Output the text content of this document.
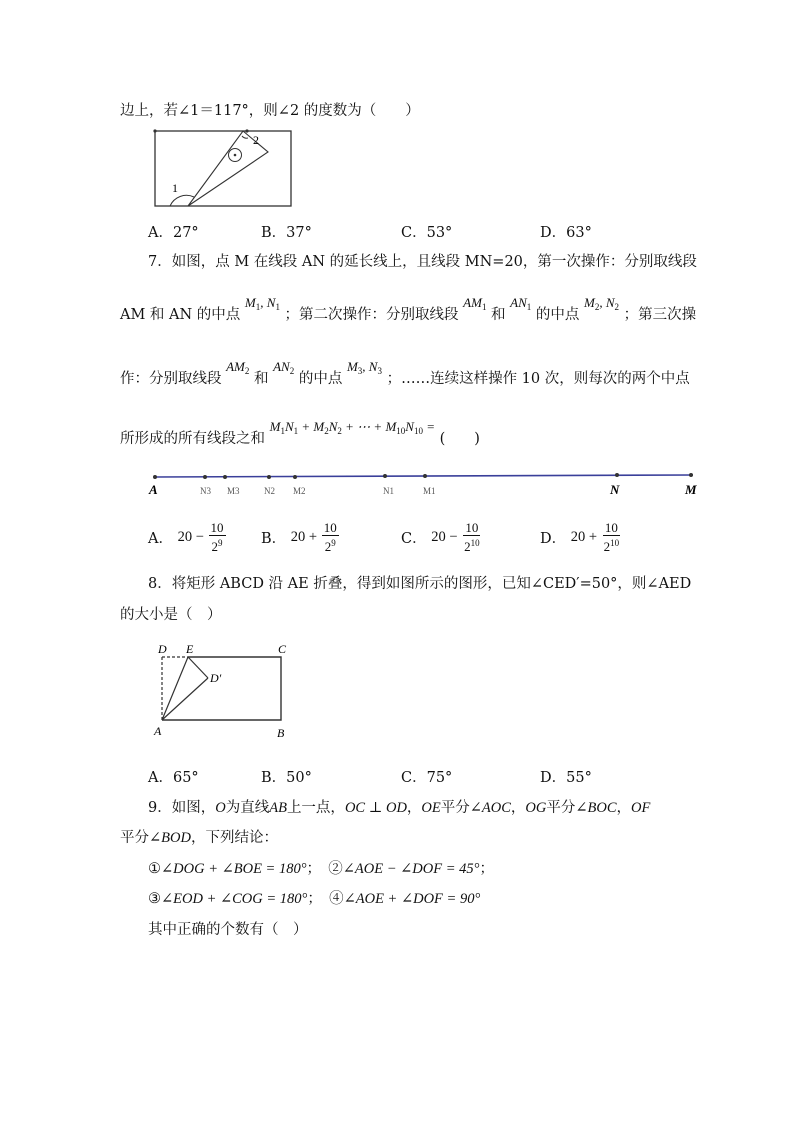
边上，若∠1＝117°，则∠2 的度数为（　　）
1
2
A．27°	B．37°	C．53°	D．63°
7．如图，点 M 在线段 AN 的延长线上，且线段 MN=20，第一次操作：分别取线段
AM 和 AN 的中点 $M_1$, $N_1$ ；第二次操作：分别取线段 $AM_1$ 和 $AN_1$ 的中点 $M_2$, $N_2$ ；第三次操
作：分别取线段 $AM_2$ 和 $AN_2$ 的中点 $M_3$, $N_3$ ；……连续这样操作 10 次，则每次的两个中点
所形成的所有线段之和 $M_1N_1 + M_2N_2$ + ⋯ + $M_{10}N_{10}$ = (　　)
A	N3 M3	N2 M2	N1	M1	N	M
A． $20 - \frac{10}{2^9}$ B． $20 + \frac{10}{2^9}$	C． $20 - \frac{10}{2^{10}}$	D． $20 + \frac{10}{2^{10}}$
8．将矩形 ABCD 沿 AE 折叠，得到如图所示的图形，已知∠CED′=50°，则∠AED
的大小是（　）
D E	C
D′
A	B
A．65°	B．50°	C．75°	D．55°
9．如图，O为直线AB上一点，OC ⊥ OD，OE平分∠AOC，OG平分∠BOC，OF
平分∠BOD，下列结论：
①∠DOG + ∠BOE = 180°；　②∠AOE − ∠DOF = 45°；
③∠EOD + ∠COG = 180°；　④∠AOE + ∠DOF = 90°
其中正确的个数有（　）
